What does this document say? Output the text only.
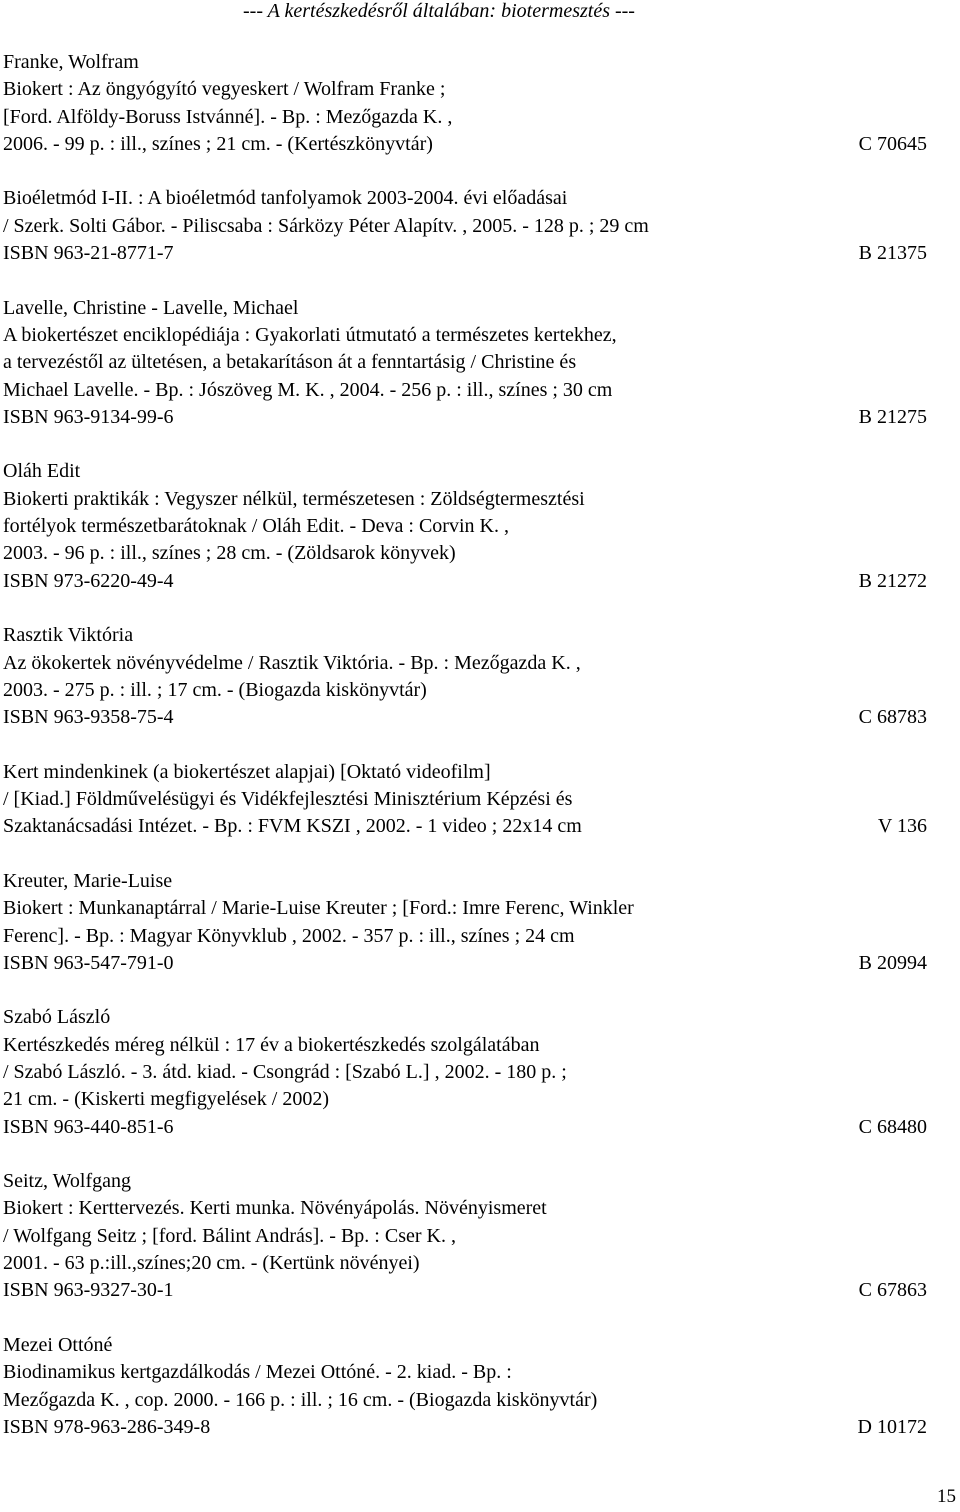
--- A kertészkedésről általában: biotermesztés ---
Franke, Wolfram
Biokert : Az öngyógyító vegyeskert / Wolfram Franke ;
[Ford. Alföldy-Boruss Istvánné]. - Bp. : Mezőgazda K. ,
2006. - 99 p. : ill., színes ; 21 cm. - (Kertészkönyvtár)	C 70645
Bioéletmód I-II. : A bioéletmód tanfolyamok 2003-2004. évi előadásai
/ Szerk. Solti Gábor. - Piliscsaba : Sárközy Péter Alapítv. , 2005. - 128 p. ; 29 cm
ISBN 963-21-8771-7	B 21375
Lavelle, Christine - Lavelle, Michael
A biokertészet enciklopédiája : Gyakorlati útmutató a természetes kertekhez,
a tervezéstől az ültetésen, a betakarításon át a fenntartásig / Christine és
Michael Lavelle. - Bp. : Jószöveg M. K. , 2004. - 256 p. : ill., színes ; 30 cm
ISBN 963-9134-99-6	B 21275
Oláh Edit
Biokerti praktikák : Vegyszer nélkül, természetesen : Zöldségtermesztési
fortélyok természetbarátoknak / Oláh Edit. - Deva : Corvin K. ,
2003. - 96 p. : ill., színes ; 28 cm. - (Zöldsarok könyvek)
ISBN 973-6220-49-4	B 21272
Rasztik Viktória
Az ökokertek növényvédelme / Rasztik Viktória. - Bp. : Mezőgazda K. ,
2003. - 275 p. : ill. ; 17 cm. - (Biogazda kiskönyvtár)
ISBN 963-9358-75-4	C 68783
Kert mindenkinek (a biokertészet alapjai) [Oktató videofilm]
/ [Kiad.] Földművelésügyi és Vidékfejlesztési Minisztérium Képzési és
Szaktanácsadási Intézet. - Bp. : FVM KSZI , 2002. - 1 video ; 22x14 cm	V 136
Kreuter, Marie-Luise
Biokert : Munkanaptárral / Marie-Luise Kreuter ; [Ford.: Imre Ferenc, Winkler
Ferenc]. - Bp. : Magyar Könyvklub , 2002. - 357 p. : ill., színes ; 24 cm
ISBN 963-547-791-0	B 20994
Szabó László
Kertészkedés méreg nélkül : 17 év a biokertészkedés szolgálatában
/ Szabó László. - 3. átd. kiad. - Csongrád : [Szabó L.] , 2002. - 180 p. ;
21 cm. - (Kiskerti megfigyelések / 2002)
ISBN 963-440-851-6	C 68480
Seitz, Wolfgang
Biokert : Kerttervezés. Kerti munka. Növényápolás. Növényismeret
/ Wolfgang Seitz ; [ford. Bálint András]. - Bp. : Cser K. ,
2001. - 63 p.:ill.,színes;20 cm. - (Kertünk növényei)
ISBN 963-9327-30-1	C 67863
Mezei Ottóné
Biodinamikus kertgazdálkodás / Mezei Ottóné. - 2. kiad. - Bp. :
Mezőgazda K. , cop. 2000. - 166 p. : ill. ; 16 cm. - (Biogazda kiskönyvtár)
ISBN 978-963-286-349-8	D 10172
15
